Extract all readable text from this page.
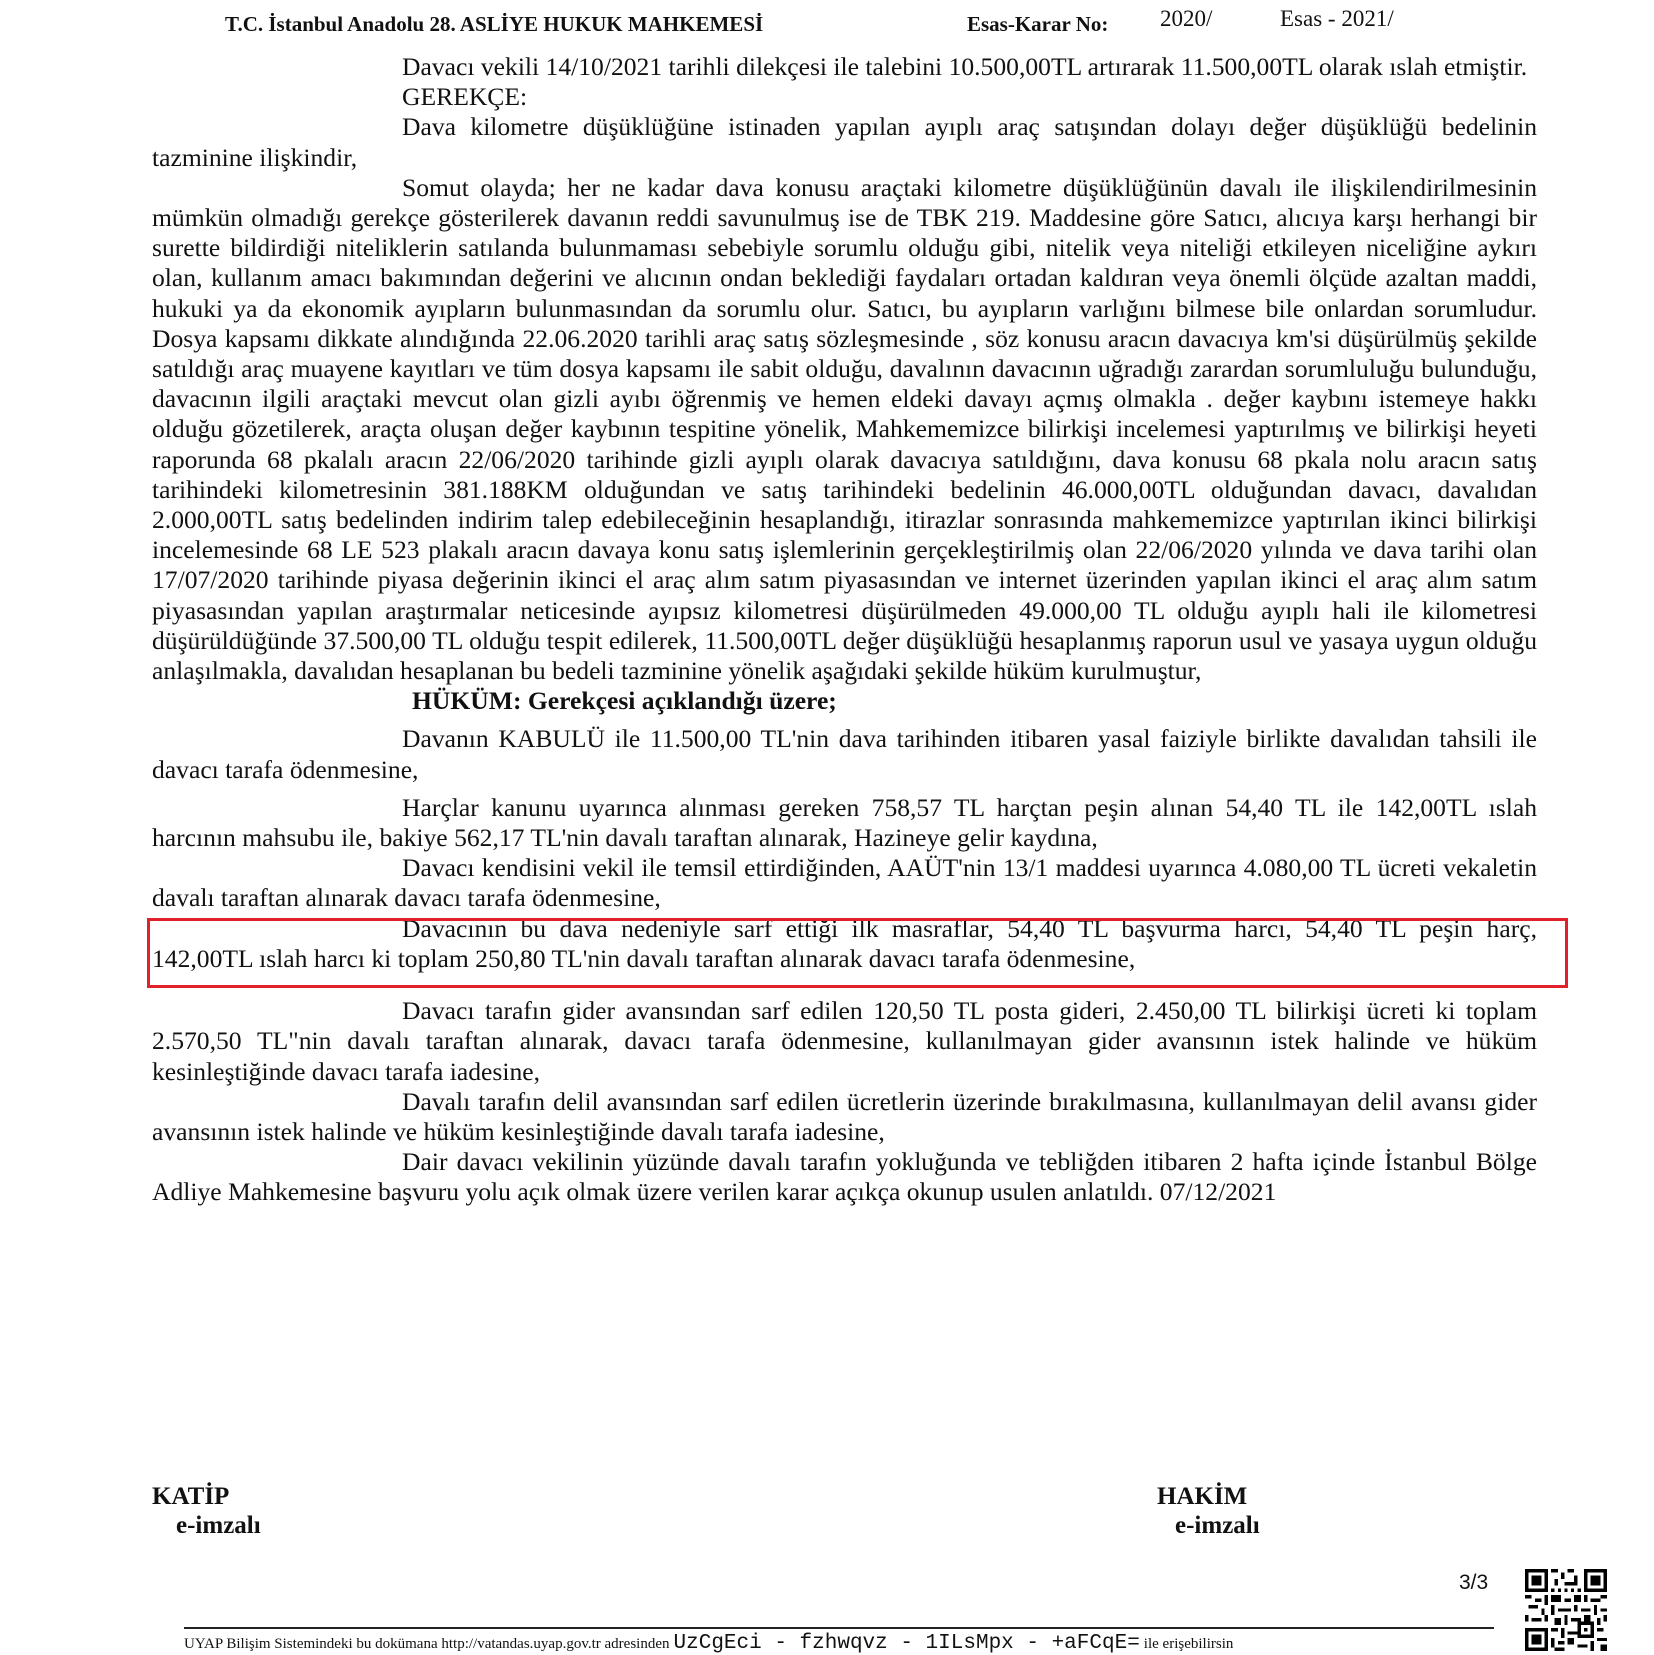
T.C. İstanbul Anadolu 28. ASLİYE HUKUK MAHKEMESİ	Esas-Karar No: 2020/	Esas - 2021/

Davacı vekili 14/10/2021 tarihli dilekçesi ile talebini 10.500,00TL artırarak 11.500,00TL olarak ıslah etmiştir.

GEREKÇE:

Dava kilometre düşüklüğüne istinaden yapılan ayıplı araç satışından dolayı değer düşüklüğü bedelinin tazminine ilişkindir,

Somut olayda; her ne kadar dava konusu araçtaki kilometre düşüklüğünün davalı ile ilişkilendirilmesinin mümkün olmadığı gerekçe gösterilerek davanın reddi savunulmuş ise de TBK 219. Maddesine göre Satıcı, alıcıya karşı herhangi bir surette bildirdiği niteliklerin satılanda bulunmaması sebebiyle sorumlu olduğu gibi, nitelik veya niteliği etkileyen niceliğine aykırı olan, kullanım amacı bakımından değerini ve alıcının ondan beklediği faydaları ortadan kaldıran veya önemli ölçüde azaltan maddi, hukuki ya da ekonomik ayıpların bulunmasından da sorumlu olur. Satıcı, bu ayıpların varlığını bilmese bile onlardan sorumludur. Dosya kapsamı dikkate alındığında 22.06.2020 tarihli araç satış sözleşmesinde , söz konusu aracın davacıya km'si düşürülmüş şekilde satıldığı araç muayene kayıtları ve tüm dosya kapsamı ile sabit olduğu, davalının davacının uğradığı zarardan sorumluluğu bulunduğu, davacının ilgili araçtaki mevcut olan gizli ayıbı öğrenmiş ve hemen eldeki davayı açmış olmakla . değer kaybını istemeye hakkı olduğu gözetilerek, araçta oluşan değer kaybının tespitine yönelik, Mahkememizce bilirkişi incelemesi yaptırılmış ve bilirkişi heyeti raporunda 68 pkalalı aracın 22/06/2020 tarihinde gizli ayıplı olarak davacıya satıldığını, dava konusu 68 pkala nolu aracın satış tarihindeki kilometresinin 381.188KM olduğundan ve satış tarihindeki bedelinin 46.000,00TL olduğundan davacı, davalıdan 2.000,00TL satış bedelinden indirim talep edebileceğinin hesaplandığı, itirazlar sonrasında mahkememizce yaptırılan ikinci bilirkişi incelemesinde 68 LE 523 plakalı aracın davaya konu satış işlemlerinin gerçekleştirilmiş olan 22/06/2020 yılında ve dava tarihi olan 17/07/2020 tarihinde piyasa değerinin ikinci el araç alım satım piyasasından ve internet üzerinden yapılan ikinci el araç alım satım piyasasından yapılan araştırmalar neticesinde ayıpsız kilometresi düşürülmeden 49.000,00 TL olduğu ayıplı hali ile kilometresi düşürüldüğünde 37.500,00 TL olduğu tespit edilerek, 11.500,00TL değer düşüklüğü hesaplanmış raporun usul ve yasaya uygun olduğu anlaşılmakla, davalıdan hesaplanan bu bedeli tazminine yönelik aşağıdaki şekilde hüküm kurulmuştur,

HÜKÜM: Gerekçesi açıklandığı üzere;

Davanın KABULÜ ile 11.500,00 TL'nin dava tarihinden itibaren yasal faiziyle birlikte davalıdan tahsili ile davacı tarafa ödenmesine,

Harçlar kanunu uyarınca alınması gereken 758,57 TL harçtan peşin alınan 54,40 TL ile 142,00TL ıslah harcının mahsubu ile, bakiye 562,17 TL'nin davalı taraftan alınarak, Hazineye gelir kaydına,

Davacı kendisini vekil ile temsil ettirdiğinden, AAÜT'nin 13/1 maddesi uyarınca 4.080,00 TL ücreti vekaletin davalı taraftan alınarak davacı tarafa ödenmesine,

Davacının bu dava nedeniyle sarf ettiği ilk masraflar, 54,40 TL başvurma harcı, 54,40 TL peşin harç, 142,00TL ıslah harcı ki toplam 250,80 TL'nin davalı taraftan alınarak davacı tarafa ödenmesine,

Davacı tarafın gider avansından sarf edilen 120,50 TL posta gideri, 2.450,00 TL bilirkişi ücreti ki toplam 2.570,50 TL"nin davalı taraftan alınarak, davacı tarafa ödenmesine, kullanılmayan gider avansının istek halinde ve hüküm kesinleştiğinde davacı tarafa iadesine,

Davalı tarafın delil avansından sarf edilen ücretlerin üzerinde bırakılmasına, kullanılmayan delil avansı gider avansının istek halinde ve hüküm kesinleştiğinde davalı tarafa iadesine,

Dair davacı vekilinin yüzünde davalı tarafın yokluğunda ve tebliğden itibaren 2 hafta içinde İstanbul Bölge Adliye Mahkemesine başvuru yolu açık olmak üzere verilen karar açıkça okunup usulen anlatıldı. 07/12/2021

KATİP
e-imzalı
HAKİM
e-imzalı
3/3
UYAP Bilişim Sistemindeki bu dokümana http://vatandas.uyap.gov.tr adresinden UzCgEci - fzhwqvz - 1ILsMpx - +aFCqE= ile erişebilirsin
